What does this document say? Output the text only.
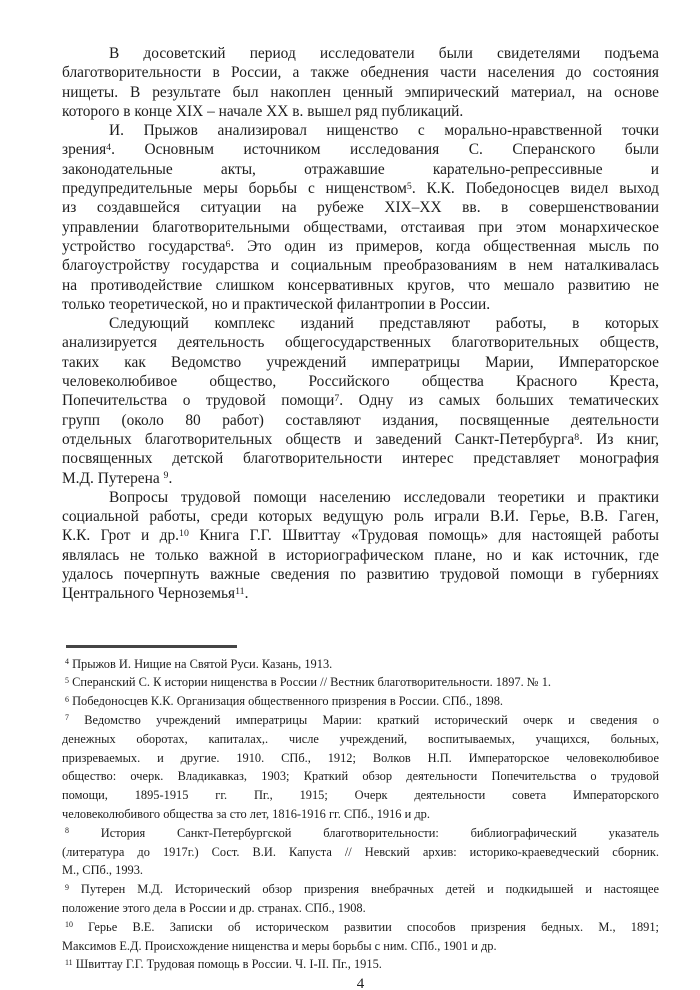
В досоветский период исследователи были свидетелями подъема
благотворительности в России, а также обеднения части населения до состояния
нищеты. В результате был накоплен ценный эмпирический материал, на основе
которого в конце XIX – начале XX в. вышел ряд публикаций.
И. Прыжов анализировал нищенство с морально-нравственной точки
зрения$^4$. Основным источником исследования С. Сперанского были
законодательные акты, отражавшие карательно-репрессивные и
предупредительные меры борьбы с нищенством$^5$. К.К. Победоносцев видел выход
из создавшейся ситуации на рубеже XIX–XX вв. в совершенствовании
управлении благотворительными обществами, отстаивая при этом монархическое
устройство государства$^6$. Это один из примеров, когда общественная мысль по
благоустройству государства и социальным преобразованиям в нем наталкивалась
на противодействие слишком консервативных кругов, что мешало развитию не
только теоретической, но и практической филантропии в России.
Следующий комплекс изданий представляют работы, в которых
анализируется деятельность общегосударственных благотворительных обществ,
таких как Ведомство учреждений императрицы Марии, Императорское
человеколюбивое общество, Российского общества Красного Креста,
Попечительства о трудовой помощи$^7$. Одну из самых больших тематических
групп (около 80 работ) составляют издания, посвященные деятельности
отдельных благотворительных обществ и заведений Санкт-Петербурга$^8$. Из книг,
посвященных детской благотворительности интерес представляет монография
М.Д. Путерена $^9$.
Вопросы трудовой помощи населению исследовали теоретики и практики
социальной работы, среди которых ведущую роль играли В.И. Герье, В.В. Гаген,
К.К. Грот и др.$^{10}$ Книга Г.Г. Швиттау «Трудовая помощь» для настоящей работы
являлась не только важной в историографическом плане, но и как источник, где
удалось почерпнуть важные сведения по развитию трудовой помощи в губерниях
Центрального Черноземья$^{11}$.
$^4$ Прыжов И. Нищие на Святой Руси. Казань, 1913.
$^5$ Сперанский С. К истории нищенства в России // Вестник благотворительности. 1897. № 1.
$^6$ Победоносцев К.К. Организация общественного призрения в России. СПб., 1898.
$^7$ Ведомство учреждений императрицы Марии: краткий исторический очерк и сведения о
денежных оборотах, капиталах,. числе учреждений, воспитываемых, учащихся, больных,
призреваемых. и другие. 1910. СПб., 1912; Волков Н.П. Императорское человеколюбивое
общество: очерк. Владикавказ, 1903; Краткий обзор деятельности Попечительства о трудовой
помощи, 1895-1915 гг. Пг., 1915; Очерк деятельности совета Императорского
человеколюбивого общества за сто лет, 1816-1916 гг. СПб., 1916 и др.
$^8$ История Санкт-Петербургской благотворительности: библиографический указатель
(литература до 1917г.) Сост. В.И. Капуста // Невский архив: историко-краеведческий сборник.
М., СПб., 1993.
$^9$ Путерен М.Д. Исторический обзор призрения внебрачных детей и подкидышей и настоящее
положение этого дела в России и др. странах. СПб., 1908.
$^{10}$ Герье В.Е. Записки об историческом развитии способов призрения бедных. М., 1891;
Максимов Е.Д. Происхождение нищенства и меры борьбы с ним. СПб., 1901 и др.
$^{11}$ Швиттау Г.Г. Трудовая помощь в России. Ч. I-II. Пг., 1915.
4
